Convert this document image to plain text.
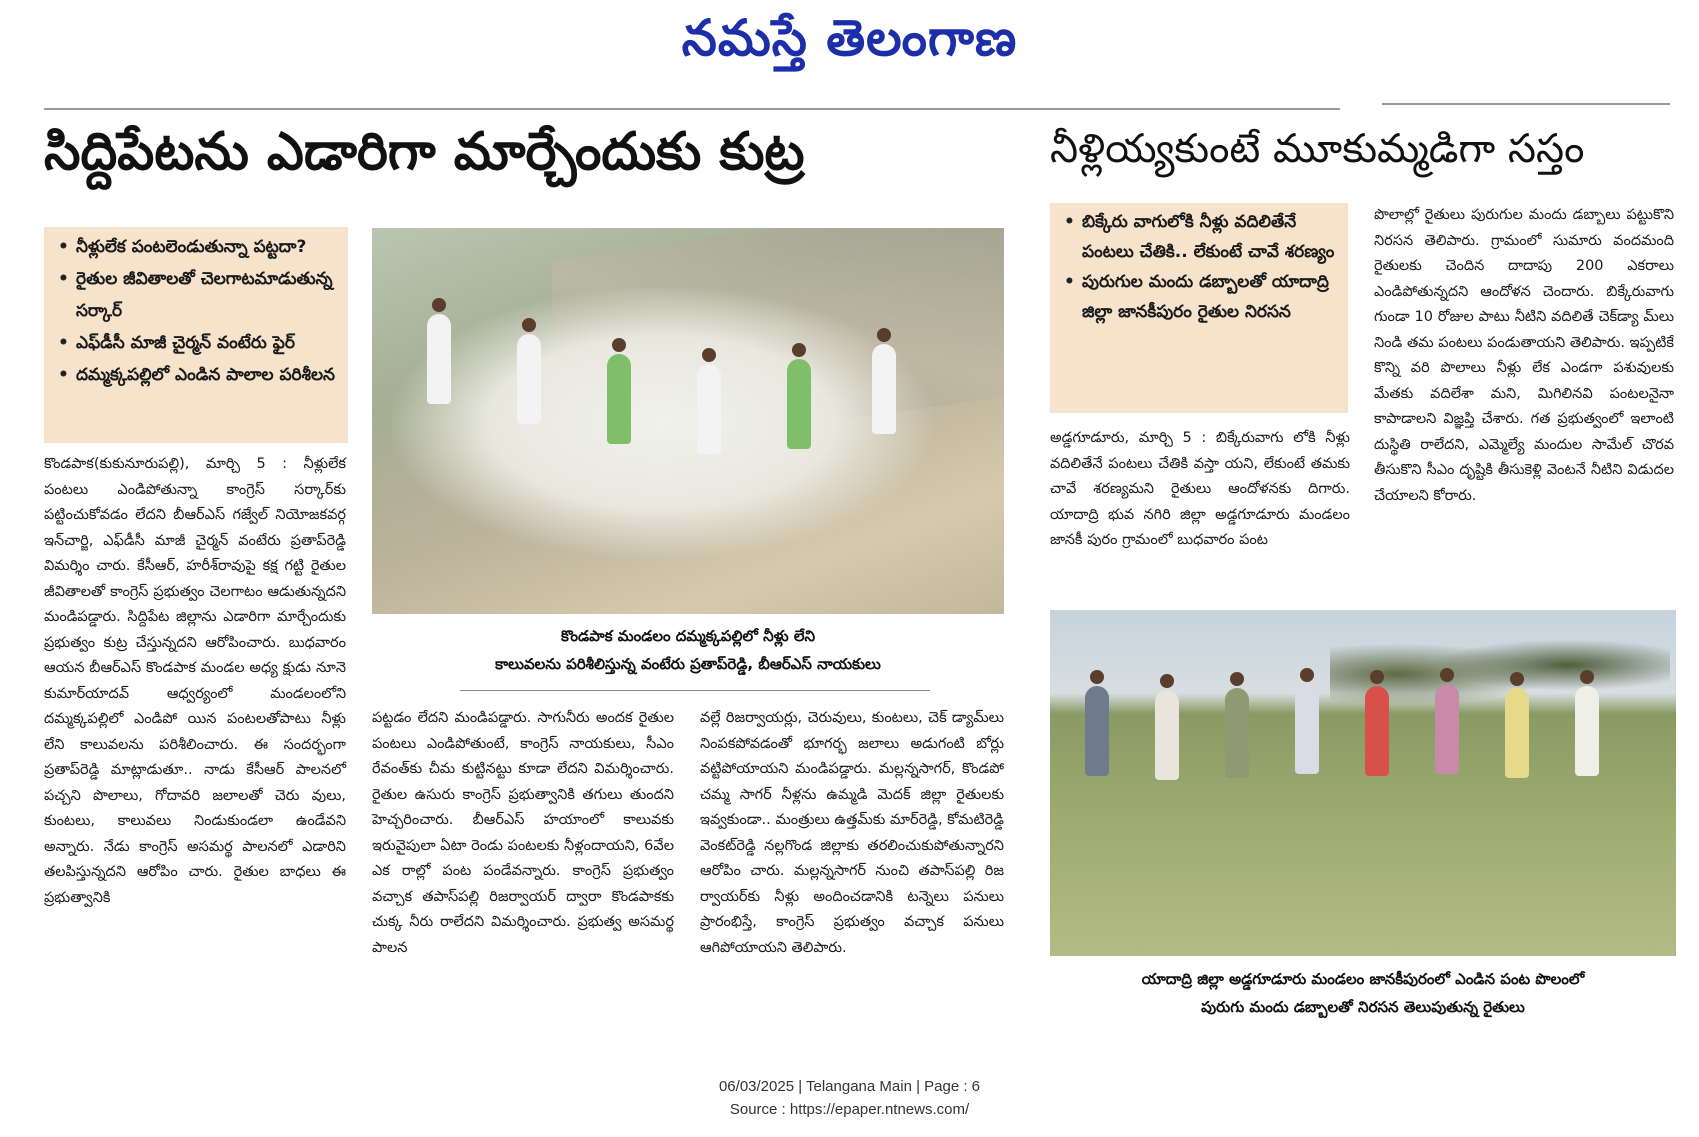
నమస్తే తెలంగాణ
సిద్దిపేటను ఎడారిగా మార్చేందుకు కుట్ర
• నీళ్లులేక పంటలెండుతున్నా పట్టదా?
• రైతుల జీవితాలతో చెలగాటమాడుతున్న సర్కార్
• ఎఫ్‌డీసీ మాజీ చైర్మన్ వంటేరు ఫైర్
• దమ్మక్కపల్లిలో ఎండిన పాలాల పరిశీలన
కొండపాక మండలం దమ్మక్కపల్లిలో నీళ్లు లేని
కాలువలను పరిశీలిస్తున్న వంటేరు ప్రతాప్‌రెడ్డి, బీఆర్‌ఎస్ నాయకులు
కొండపాక(కుకునూరుపల్లి), మార్చి 5 : నీళ్లులేక పంటలు ఎండిపోతున్నా కాంగ్రెస్ సర్కార్‌కు పట్టించుకోవడం లేదని బీఆర్‌ఎస్ గజ్వేల్ నియోజకవర్గ ఇన్‌చార్జి, ఎఫ్‌డీసీ మాజీ చైర్మన్ వంటేరు ప్రతాప్‌రెడ్డి విమర్శిం చారు. కేసీఆర్, హరీశ్‌రావుపై కక్ష గట్టి రైతుల జీవితాలతో కాంగ్రెస్ ప్రభుత్వం చెలగాటం ఆడుతున్నదని మండిపడ్డారు. సిద్దిపేట జిల్లాను ఎడారిగా మార్చేందుకు ప్రభుత్వం కుట్ర చేస్తున్నదని ఆరోపించారు. బుధవారం ఆయన బీఆర్‌ఎస్ కొండపాక మండల అధ్య క్షుడు నూనె కుమార్‌యాదవ్ ఆధ్వర్యంలో మండలంలోని దమ్మక్కపల్లిలో ఎండిపో యిన పంటలతోపాటు నీళ్లు లేని కాలువలను పరిశీలించారు. ఈ సందర్భంగా ప్రతాప్‌రెడ్డి మాట్లాడుతూ.. నాడు కేసీఆర్ పాలనలో పచ్చని పొలాలు, గోదావరి జలాలతో చెరు వులు, కుంటలు, కాలువలు నిండుకుండలా ఉండేవని అన్నారు. నేడు కాంగ్రెస్ అసమర్థ పాలనలో ఎడారిని తలపిస్తున్నదని ఆరోపిం చారు. రైతుల బాధలు ఈ ప్రభుత్వానికి
పట్టడం లేదని మండిపడ్డారు. సాగునీరు అందక రైతుల పంటలు ఎండిపోతుంటే, కాంగ్రెస్ నాయకులు, సీఎం రేవంత్‌కు చీమ కుట్టినట్టు కూడా లేదని విమర్శించారు. రైతుల ఉసురు కాంగ్రెస్ ప్రభుత్వానికి తగులు తుందని హెచ్చరించారు. బీఆర్‌ఎస్ హయాంలో కాలువకు ఇరువైపులా ఏటా రెండు పంటలకు నీళ్లందాయని, 6వేల ఎక రాల్లో పంట పండేవన్నారు. కాంగ్రెస్ ప్రభుత్వం వచ్చాక తపాస్‌పల్లి రిజర్వాయర్ ద్వారా కొండపాకకు చుక్క నీరు రాలేదని విమర్శించారు. ప్రభుత్వ అసమర్థ పాలన
వల్లే రిజర్వాయర్లు, చెరువులు, కుంటలు, చెక్ డ్యామ్‌లు నింపకపోవడంతో భూగర్భ జలాలు అడుగంటి బోర్లు వట్టిపోయాయని మండిపడ్డారు. మల్లన్నసాగర్, కొండపో చమ్మ సాగర్ నీళ్లను ఉమ్మడి మెదక్ జిల్లా రైతులకు ఇవ్వకుండా.. మంత్రులు ఉత్తమ్‌కు మార్‌రెడ్డి, కోమటిరెడ్డి వెంకట్‌రెడ్డి నల్లగొండ జిల్లాకు తరలించుకుపోతున్నారని ఆరోపిం చారు. మల్లన్నసాగర్ నుంచి తపాస్‌పల్లి రిజ ర్వాయర్‌కు నీళ్లు అందించడానికి టన్నెలు పనులు ప్రారంభిస్తే, కాంగ్రెస్ ప్రభుత్వం వచ్చాక పనులు ఆగిపోయాయని తెలిపారు.
నీళ్లియ్యకుంటే మూకుమ్మడిగా సస్తం
• బిక్కేరు వాగులోకి నీళ్లు వదిలితేనే పంటలు చేతికి.. లేకుంటే చావే శరణ్యం
• పురుగుల మందు డబ్బాలతో యాదాద్రి జిల్లా జానకీపురం రైతుల నిరసన
అడ్డగూడూరు, మార్చి 5 : బిక్కేరువాగు లోకి నీళ్లు వదిలితేనే పంటలు చేతికి వస్తా యని, లేకుంటే తమకు చావే శరణ్యమని రైతులు ఆందోళనకు దిగారు. యాదాద్రి భువ నగిరి జిల్లా అడ్డగూడూరు మండలం జానకీ పురం గ్రామంలో బుధవారం పంట
పొలాల్లో రైతులు పురుగుల మందు డబ్బాలు పట్టుకొని నిరసన తెలిపారు. గ్రామంలో సుమారు వందమంది రైతులకు చెందిన దాదాపు 200 ఎకరాలు ఎండిపోతున్నదని ఆందోళన చెందారు. బిక్కేరువాగు గుండా 10 రోజుల పాటు నీటిని వదిలితే చెక్‌డ్యా మ్‌లు నిండి తమ పంటలు పండుతాయని తెలిపారు. ఇప్పటికే కొన్ని వరి పొలాలు నీళ్లు లేక ఎండగా పశువులకు మేతకు వదిలేశా మని, మిగిలినవి పంటలనైనా కాపాడాలని విజ్ఞప్తి చేశారు. గత ప్రభుత్వంలో ఇలాంటి దుస్థితి రాలేదని, ఎమ్మెల్యే మందుల సామేల్ చొరవ తీసుకొని సీఎం దృష్టికి తీసుకెళ్లి వెంటనే నీటిని విడుదల చేయాలని కోరారు.
యాదాద్రి జిల్లా అడ్డగూడూరు మండలం జానకీపురంలో ఎండిన పంట పొలంలో
పురుగు మందు డబ్బాలతో నిరసన తెలుపుతున్న రైతులు
06/03/2025 | Telangana Main | Page : 6
Source : https://epaper.ntnews.com/
